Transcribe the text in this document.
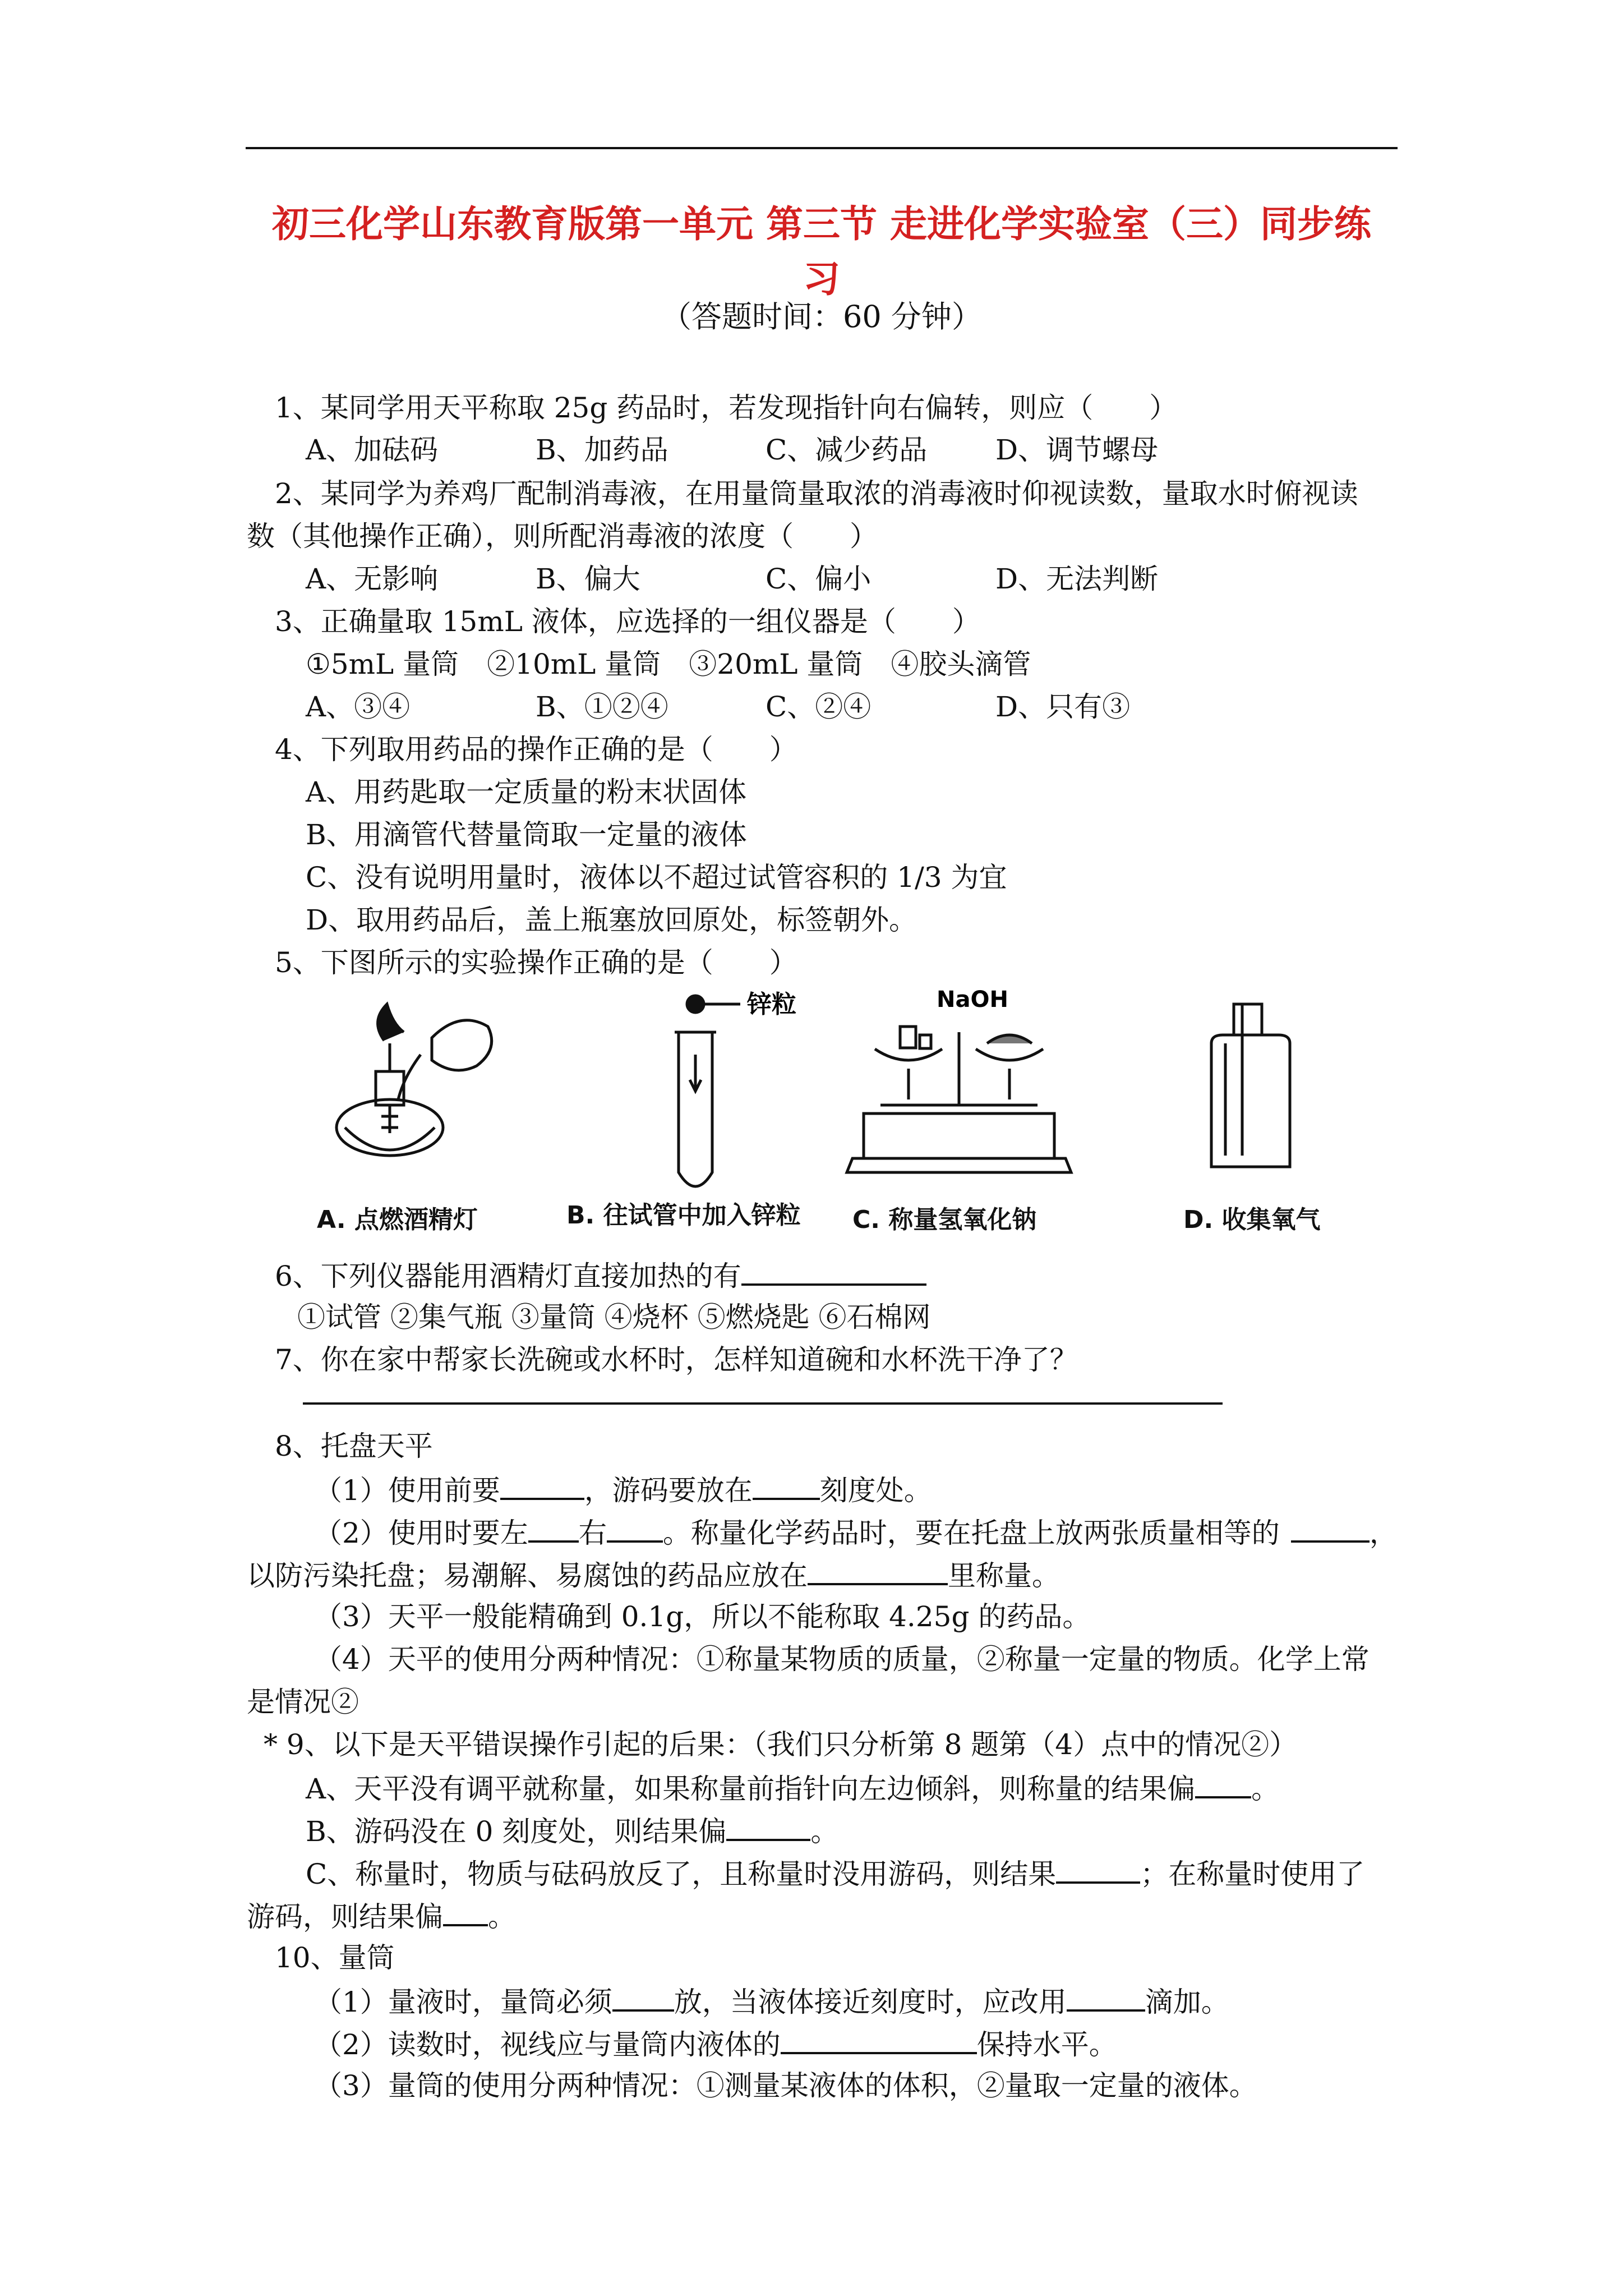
初三化学山东教育版第一单元 第三节 走进化学实验室（三）同步练
习
（答题时间：60 分钟）
1、某同学用天平称取 25g 药品时，若发现指针向右偏转，则应（　　）
A、加砝码	B、加药品	C、减少药品 D、调节螺母
2、某同学为养鸡厂配制消毒液，在用量筒量取浓的消毒液时仰视读数，量取水时俯视读
数（其他操作正确），则所配消毒液的浓度（　　）
A、无影响	B、偏大	C、偏小	D、无法判断
3、正确量取 15mL 液体，应选择的一组仪器是（　　）
①5mL 量筒　②10mL 量筒　③20mL 量筒　④胶头滴管
A、③④	B、①②④	C、②④	D、只有③
4、下列取用药品的操作正确的是（　　）
A、用药匙取一定质量的粉末状固体
B、用滴管代替量筒取一定量的液体
C、没有说明用量时，液体以不超过试管容积的 1/3 为宜
D、取用药品后，盖上瓶塞放回原处，标签朝外。
5、下图所示的实验操作正确的是（　　）
锌粒	NaOH
A. 点燃酒精灯	B. 往试管中加入锌粒 C. 称量氢氧化钠	D. 收集氧气
6、下列仪器能用酒精灯直接加热的有
①试管 ②集气瓶 ③量筒 ④烧杯 ⑤燃烧匙 ⑥石棉网
7、你在家中帮家长洗碗或水杯时，怎样知道碗和水杯洗干净了？
8、托盘天平
（1）使用前要	，游码要放在 刻度处。
（2）使用时要左 右 。称量化学药品时，要在托盘上放两张质量相等的	，
以防污染托盘；易潮解、易腐蚀的药品应放在	里称量。
（3）天平一般能精确到 0.1g，所以不能称取 4.25g 的药品。
（4）天平的使用分两种情况：①称量某物质的质量，②称量一定量的物质。化学上常
是情况②
* 9、以下是天平错误操作引起的后果：（我们只分析第 8 题第（4）点中的情况②）
A、天平没有调平就称量，如果称量前指针向左边倾斜，则称量的结果偏 。
B、游码没在 0 刻度处，则结果偏	。
C、称量时，物质与砝码放反了，且称量时没用游码，则结果	；在称量时使用了
游码，则结果偏 。
10、量筒
（1）量液时，量筒必须 放，当液体接近刻度时，应改用	滴加。
（2）读数时，视线应与量筒内液体的	保持水平。
（3）量筒的使用分两种情况：①测量某液体的体积，②量取一定量的液体。
